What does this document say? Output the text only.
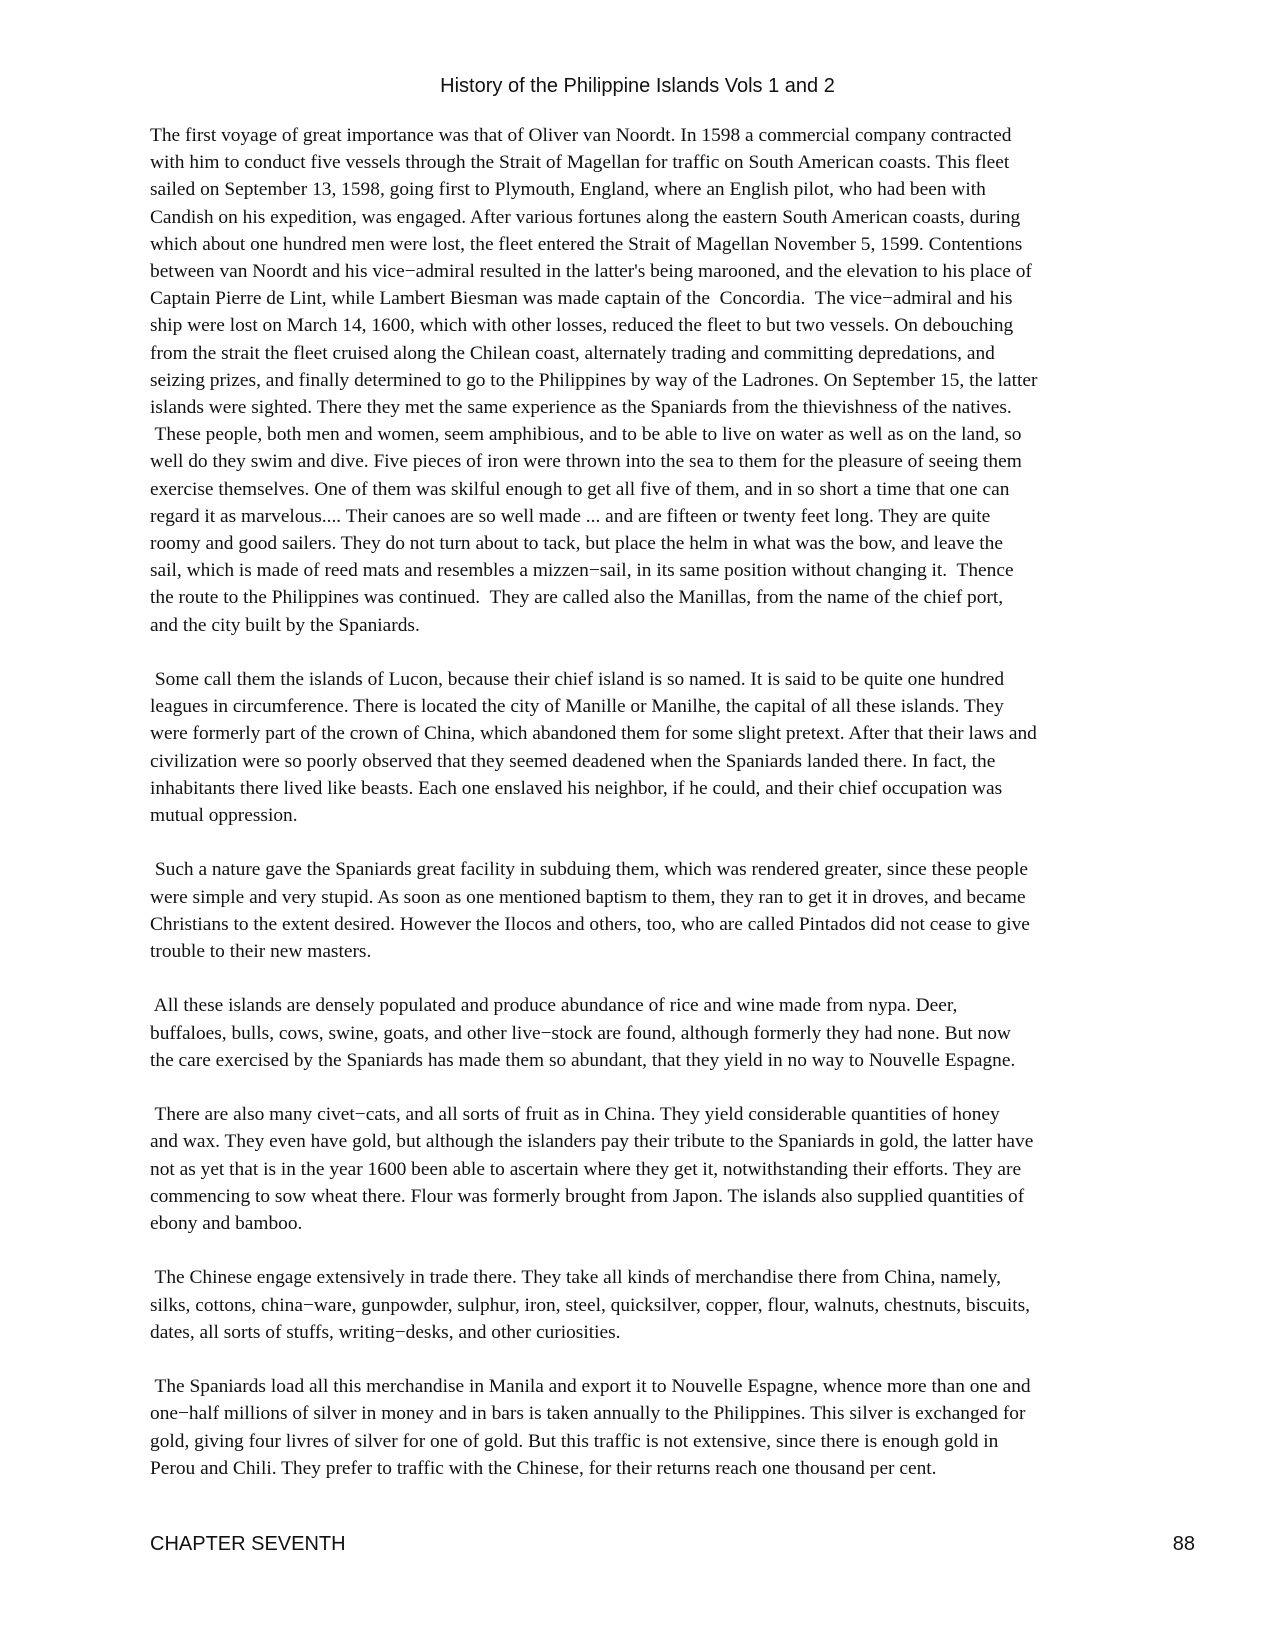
History of the Philippine Islands Vols 1 and 2

The first voyage of great importance was that of Oliver van Noordt. In 1598 a commercial company contracted
with him to conduct five vessels through the Strait of Magellan for traffic on South American coasts. This fleet
sailed on September 13, 1598, going first to Plymouth, England, where an English pilot, who had been with
Candish on his expedition, was engaged. After various fortunes along the eastern South American coasts, during
which about one hundred men were lost, the fleet entered the Strait of Magellan November 5, 1599. Contentions
between van Noordt and his vice−admiral resulted in the latter's being marooned, and the elevation to his place of
Captain Pierre de Lint, while Lambert Biesman was made captain of the  Concordia.  The vice−admiral and his
ship were lost on March 14, 1600, which with other losses, reduced the fleet to but two vessels. On debouching
from the strait the fleet cruised along the Chilean coast, alternately trading and committing depredations, and
seizing prizes, and finally determined to go to the Philippines by way of the Ladrones. On September 15, the latter
islands were sighted. There they met the same experience as the Spaniards from the thievishness of the natives.
These people, both men and women, seem amphibious, and to be able to live on water as well as on the land, so
well do they swim and dive. Five pieces of iron were thrown into the sea to them for the pleasure of seeing them
exercise themselves. One of them was skilful enough to get all five of them, and in so short a time that one can
regard it as marvelous.... Their canoes are so well made ... and are fifteen or twenty feet long. They are quite
roomy and good sailers. They do not turn about to tack, but place the helm in what was the bow, and leave the
sail, which is made of reed mats and resembles a mizzen−sail, in its same position without changing it.  Thence
the route to the Philippines was continued.  They are called also the Manillas, from the name of the chief port,
and the city built by the Spaniards.

Some call them the islands of Lucon, because their chief island is so named. It is said to be quite one hundred
leagues in circumference. There is located the city of Manille or Manilhe, the capital of all these islands. They
were formerly part of the crown of China, which abandoned them for some slight pretext. After that their laws and
civilization were so poorly observed that they seemed deadened when the Spaniards landed there. In fact, the
inhabitants there lived like beasts. Each one enslaved his neighbor, if he could, and their chief occupation was
mutual oppression.

Such a nature gave the Spaniards great facility in subduing them, which was rendered greater, since these people
were simple and very stupid. As soon as one mentioned baptism to them, they ran to get it in droves, and became
Christians to the extent desired. However the Ilocos and others, too, who are called Pintados did not cease to give
trouble to their new masters.

All these islands are densely populated and produce abundance of rice and wine made from nypa. Deer,
buffaloes, bulls, cows, swine, goats, and other live−stock are found, although formerly they had none. But now
the care exercised by the Spaniards has made them so abundant, that they yield in no way to Nouvelle Espagne.

There are also many civet−cats, and all sorts of fruit as in China. They yield considerable quantities of honey
and wax. They even have gold, but although the islanders pay their tribute to the Spaniards in gold, the latter have
not as yet that is in the year 1600 been able to ascertain where they get it, notwithstanding their efforts. They are
commencing to sow wheat there. Flour was formerly brought from Japon. The islands also supplied quantities of
ebony and bamboo.

The Chinese engage extensively in trade there. They take all kinds of merchandise there from China, namely,
silks, cottons, china−ware, gunpowder, sulphur, iron, steel, quicksilver, copper, flour, walnuts, chestnuts, biscuits,
dates, all sorts of stuffs, writing−desks, and other curiosities.

The Spaniards load all this merchandise in Manila and export it to Nouvelle Espagne, whence more than one and
one−half millions of silver in money and in bars is taken annually to the Philippines. This silver is exchanged for
gold, giving four livres of silver for one of gold. But this traffic is not extensive, since there is enough gold in
Perou and Chili. They prefer to traffic with the Chinese, for their returns reach one thousand per cent.

CHAPTER SEVENTH	88
